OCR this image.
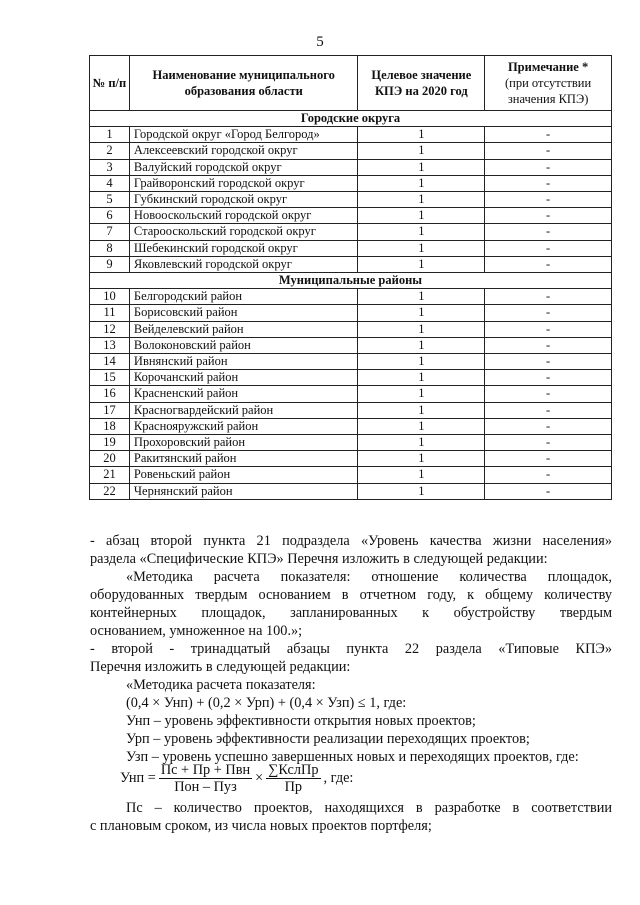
5
№ п/п	Наименование муниципального образования области	Целевое значение КПЭ на 2020 год	Примечание *
(при отсутствии значения КПЭ)
Городские округа			
1	Городской округ «Город Белгород»	1	-
2	Алексеевский городской округ	1	-
3	Валуйский городской округ	1	-
4	Грайворонский городской округ	1	-
5	Губкинский городской округ	1	-
6	Новооскольский городской округ	1	-
7	Старооскольский городской округ	1	-
8	Шебекинский городской округ	1	-
9	Яковлевский городской округ	1	-
Муниципальные районы			
10	Белгородский район	1	-
11	Борисовский район	1	-
12	Вейделевский район	1	-
13	Волоконовский район	1	-
14	Ивнянский район	1	-
15	Корочанский район	1	-
16	Красненский район	1	-
17	Красногвардейский район	1	-
18	Краснояружский район	1	-
19	Прохоровский район	1	-
20	Ракитянский район	1	-
21	Ровеньский район	1	-
22	Чернянский район	1	-
- абзац второй пункта 21 подраздела «Уровень качества жизни населения»
раздела «Специфические КПЭ» Перечня изложить в следующей редакции:
«Методика расчета показателя: отношение количества площадок,
оборудованных твердым основанием в отчетном году, к общему количеству
контейнерных площадок, запланированных к обустройству твердым
основанием, умноженное на 100.»;
- второй - тринадцатый абзацы пункта 22 раздела «Типовые КПЭ»
Перечня изложить в следующей редакции:
«Методика расчета показателя:
(0,4 × Унп) + (0,2 × Урп) + (0,4 × Узп) ≤ 1, где:
Унп – уровень эффективности открытия новых проектов;
Урп – уровень эффективности реализации переходящих проектов;
Узп – уровень успешно завершенных новых и переходящих проектов, где:
Унп = $\frac{\text{Пс + Пр + Пвн}}{\text{Пон – Пуз}} \times \frac{\text{∑КслПр}}{Пр}$ , где:
Пс – количество проектов, находящихся в разработке в соответствии
с плановым сроком, из числа новых проектов портфеля;
